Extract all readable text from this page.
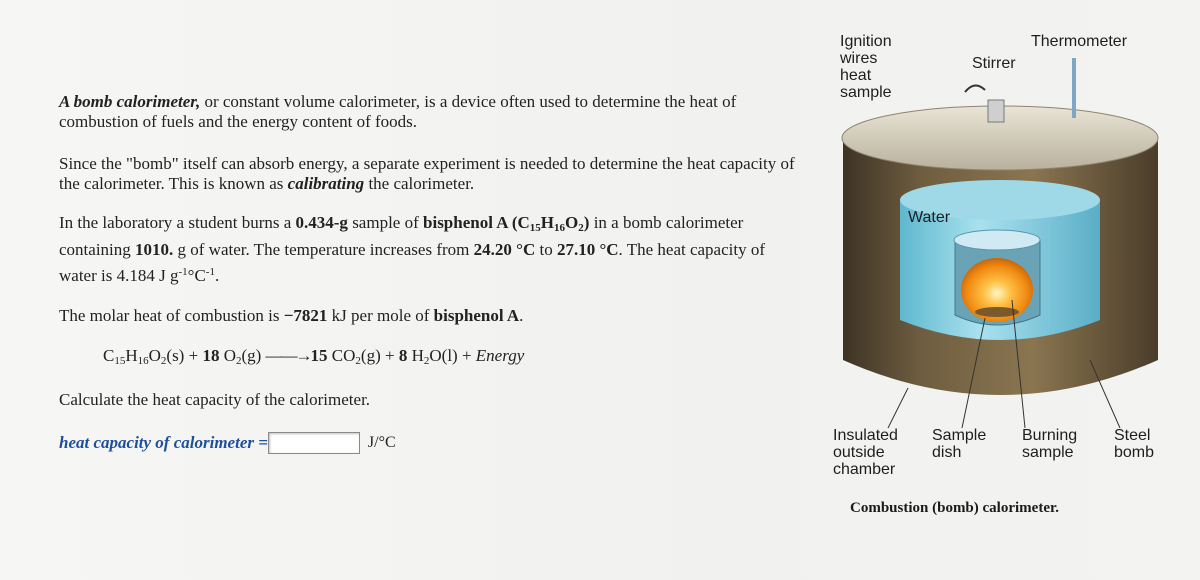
A bomb calorimeter, or constant volume calorimeter, is a device often used to determine the heat of combustion of fuels and the energy content of foods.
Since the "bomb" itself can absorb energy, a separate experiment is needed to determine the heat capacity of the calorimeter. This is known as calibrating the calorimeter.
In the laboratory a student burns a 0.434-g sample of bisphenol A $(C_{15}H_{16}O_2)$ in a bomb calorimeter containing 1010. g of water. The temperature increases from 24.20 °C to 27.10 °C. The heat capacity of water is 4.184 J $g^{-1}^\circ C^{-1}$.
The molar heat of combustion is −7821 kJ per mole of bisphenol A.
$C_{15}H_{16}O_2(s) + 18$ $O_2(g)$ ——→15 $CO_2(g) + 8$ $H_2O(l)$ + Energy
Calculate the heat capacity of the calorimeter.
heat capacity of calorimeter =	J/°C
Ignition
wires
heat
sample
Stirrer
Thermometer
Water
Insulated
outside
chamber
Sample
dish
Burning
sample
Steel
bomb
Combustion (bomb) calorimeter.
